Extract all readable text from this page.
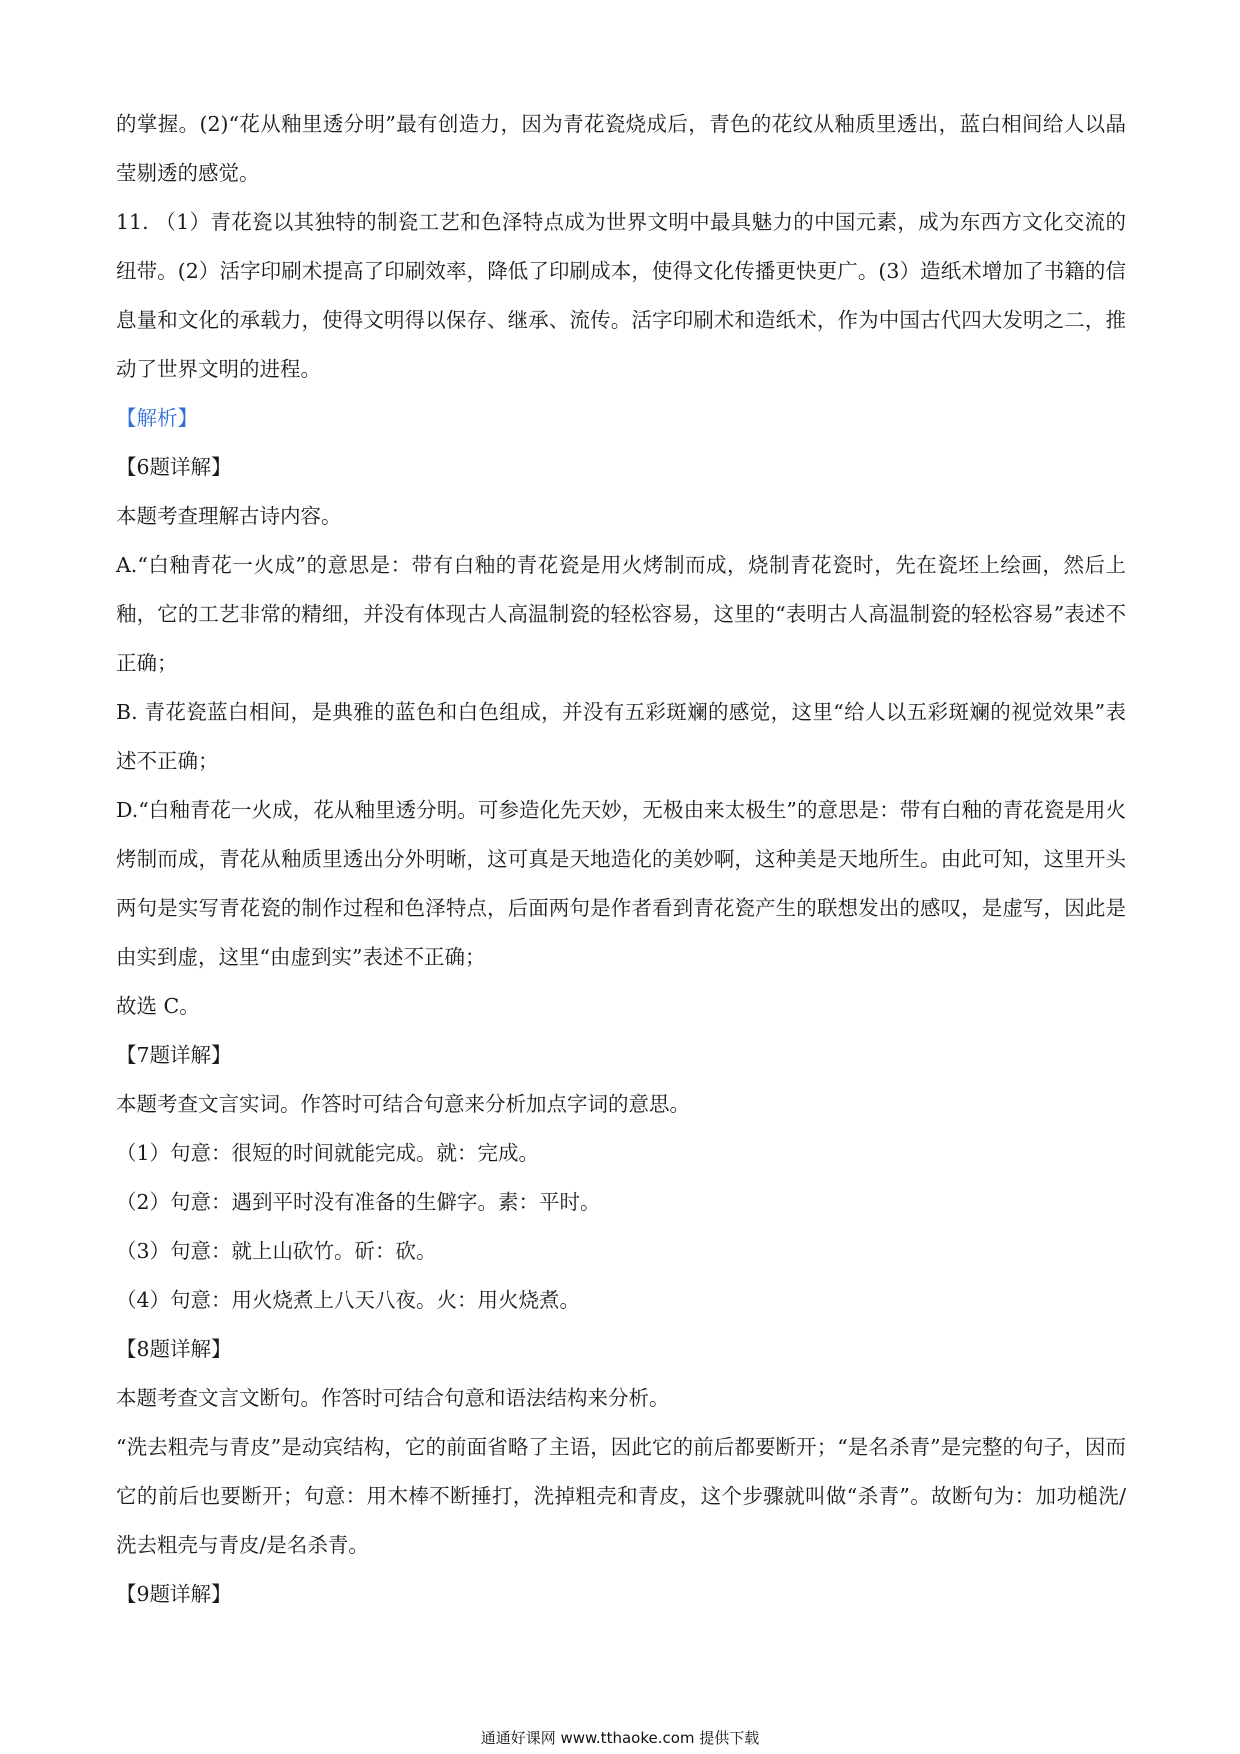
的掌握。(2)“花从釉里透分明”最有创造力，因为青花瓷烧成后，青色的花纹从釉质里透出，蓝白相间给人以晶莹剔透的感觉。

11. （1）青花瓷以其独特的制瓷工艺和色泽特点成为世界文明中最具魅力的中国元素，成为东西方文化交流的纽带。(2）活字印刷术提高了印刷效率，降低了印刷成本，使得文化传播更快更广。(3）造纸术增加了书籍的信息量和文化的承载力，使得文明得以保存、继承、流传。活字印刷术和造纸术，作为中国古代四大发明之二，推动了世界文明的进程。

【解析】

【6题详解】

本题考查理解古诗内容。

A.“白釉青花一火成”的意思是：带有白釉的青花瓷是用火烤制而成，烧制青花瓷时，先在瓷坯上绘画，然后上釉，它的工艺非常的精细，并没有体现古人高温制瓷的轻松容易，这里的“表明古人高温制瓷的轻松容易”表述不正确；

B. 青花瓷蓝白相间，是典雅的蓝色和白色组成，并没有五彩斑斓的感觉，这里“给人以五彩斑斓的视觉效果”表述不正确；

D.“白釉青花一火成，花从釉里透分明。可参造化先天妙，无极由来太极生”的意思是：带有白釉的青花瓷是用火烤制而成，青花从釉质里透出分外明晰，这可真是天地造化的美妙啊，这种美是天地所生。由此可知，这里开头两句是实写青花瓷的制作过程和色泽特点，后面两句是作者看到青花瓷产生的联想发出的感叹，是虚写，因此是由实到虚，这里“由虚到实”表述不正确；

故选 C。

【7题详解】

本题考查文言实词。作答时可结合句意来分析加点字词的意思。

（1）句意：很短的时间就能完成。就：完成。

（2）句意：遇到平时没有准备的生僻字。素：平时。

（3）句意：就上山砍竹。斫：砍。

（4）句意：用火烧煮上八天八夜。火：用火烧煮。

【8题详解】

本题考查文言文断句。作答时可结合句意和语法结构来分析。

“洗去粗壳与青皮”是动宾结构，它的前面省略了主语，因此它的前后都要断开；“是名杀青”是完整的句子，因而它的前后也要断开；句意：用木棒不断捶打，洗掉粗壳和青皮，这个步骤就叫做“杀青”。故断句为：加功槌洗/洗去粗壳与青皮/是名杀青。

【9题详解】

通通好课网 www.tthaoke.com 提供下载
